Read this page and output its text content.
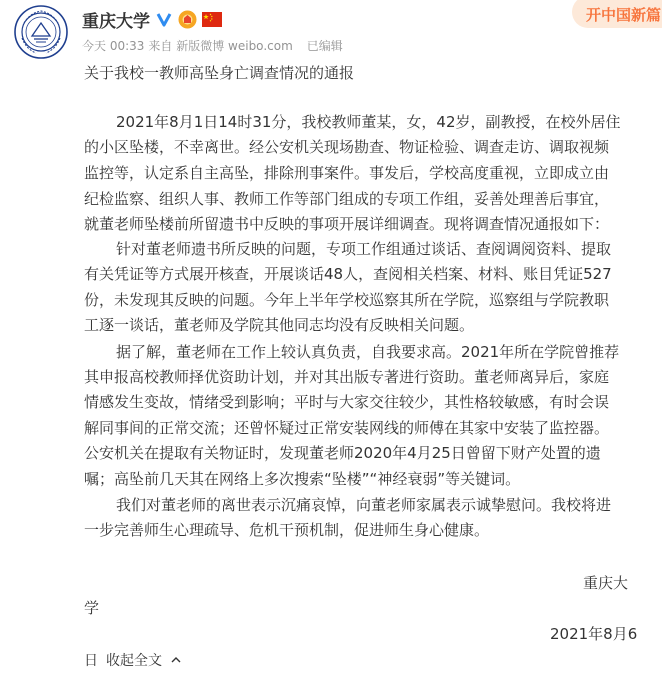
重庆大学
今天 00:33 来自 新版微博 weibo.com 已编辑
开中国新篇

关于我校一教师高坠身亡调查情况的通报

2021年8月1日14时31分，我校教师董某，女，42岁，副教授，在校外居住

的小区坠楼，不幸离世。经公安机关现场勘查、物证检验、调查走访、调取视频

监控等，认定系自主高坠，排除刑事案件。事发后，学校高度重视，立即成立由

纪检监察、组织人事、教师工作等部门组成的专项工作组，妥善处理善后事宜，

就董老师坠楼前所留遗书中反映的事项开展详细调查。现将调查情况通报如下：

针对董老师遗书所反映的问题，专项工作组通过谈话、查阅调阅资料、提取

有关凭证等方式展开核查，开展谈话48人，查阅相关档案、材料、账目凭证527

份，未发现其反映的问题。今年上半年学校巡察其所在学院，巡察组与学院教职

工逐一谈话，董老师及学院其他同志均没有反映相关问题。

据了解，董老师在工作上较认真负责，自我要求高。2021年所在学院曾推荐

其申报高校教师择优资助计划，并对其出版专著进行资助。董老师离异后，家庭

情感发生变故，情绪受到影响；平时与大家交往较少，其性格较敏感，有时会误

解同事间的正常交流；还曾怀疑过正常安装网线的师傅在其家中安装了监控器。

公安机关在提取有关物证时，发现董老师2020年4月25日曾留下财产处置的遗

嘱；高坠前几天其在网络上多次搜索“坠楼”“神经衰弱”等关键词。

我们对董老师的离世表示沉痛哀悼，向董老师家属表示诚挚慰问。我校将进

一步完善师生心理疏导、危机干预机制，促进师生身心健康。

重庆大

学

2021年8月6

日 收起全文
